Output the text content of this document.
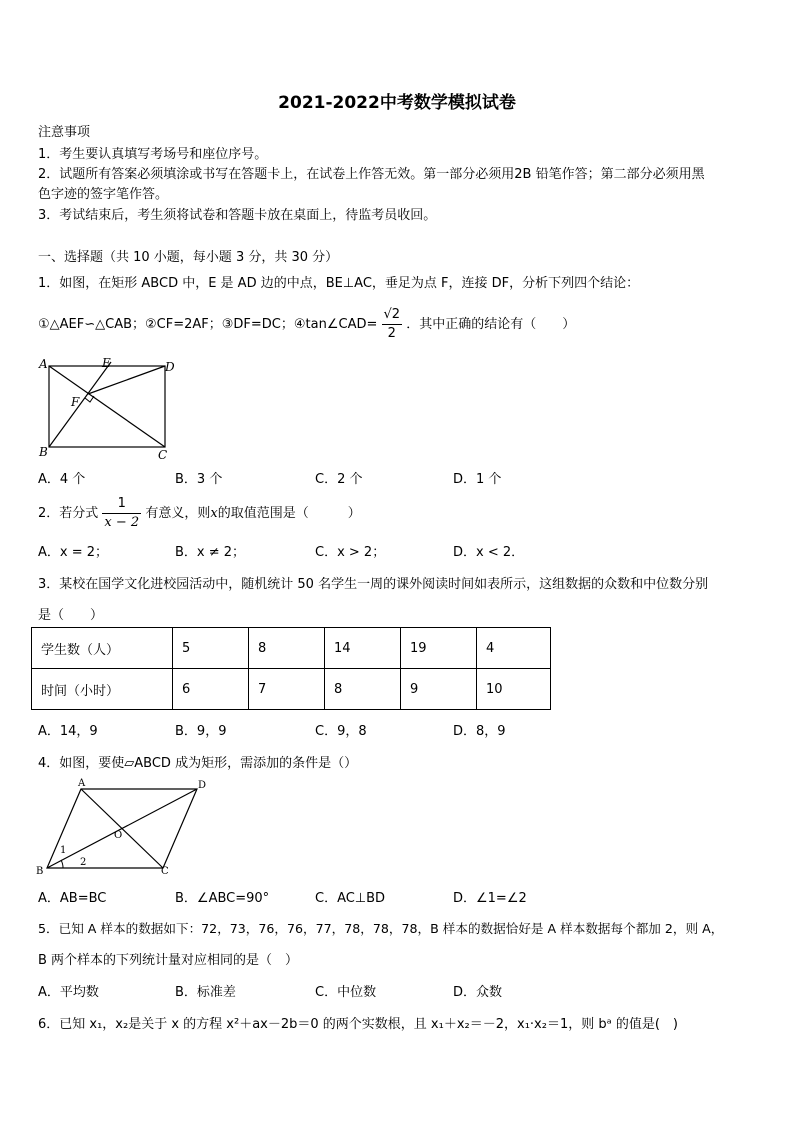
2021-2022中考数学模拟试卷
注意事项
1．考生要认真填写考场号和座位序号。
2．试题所有答案必须填涂或书写在答题卡上，在试卷上作答无效。第一部分必须用2B 铅笔作答；第二部分必须用黑
色字迹的签字笔作答。
3．考试结束后，考生须将试卷和答题卡放在桌面上，待监考员收回。
一、选择题（共 10 小题，每小题 3 分，共 30 分）
1．如图，在矩形 ABCD 中，E 是 AD 边的中点，BE⊥AC，垂足为点 F，连接 DF，分析下列四个结论：
①△AEF∽△CAB；②CF=2AF；③DF=DC；④tan∠CAD= $\frac{√2}{2}$ ．其中正确的结论有（　　）
A	E	D
F
B	C
A．4 个	B．3 个	C．2 个	D．1 个
2．若分式 $\frac{1}{x - 2}$ 有意义，则x的取值范围是（　　　）
A．x = 2；	B．x ≠ 2；	C．x > 2；	D．x < 2．
3．某校在国学文化进校园活动中，随机统计 50 名学生一周的课外阅读时间如表所示，这组数据的众数和中位数分别
是（　　）
学生数（人）	5	8	14	19	4
时间（小时）	6	7	8	9	10
A．14，9	B．9，9	C．9，8	D．8，9
4．如图，要使▱ABCD 成为矩形，需添加的条件是（）
A	D
O
B	C
1
2
A．AB=BC	B．∠ABC=90°	C．AC⊥BD	D．∠1=∠2
5．已知 A 样本的数据如下：72，73，76，76，77，78，78，78，B 样本的数据恰好是 A 样本数据每个都加 2，则 A，
B 两个样本的下列统计量对应相同的是（　）
A．平均数	B．标准差	C．中位数	D．众数
6．已知 x₁，x₂是关于 x 的方程 x²＋ax－2b＝0 的两个实数根，且 x₁＋x₂＝－2，x₁·x₂＝1，则 bᵃ 的值是(　)
